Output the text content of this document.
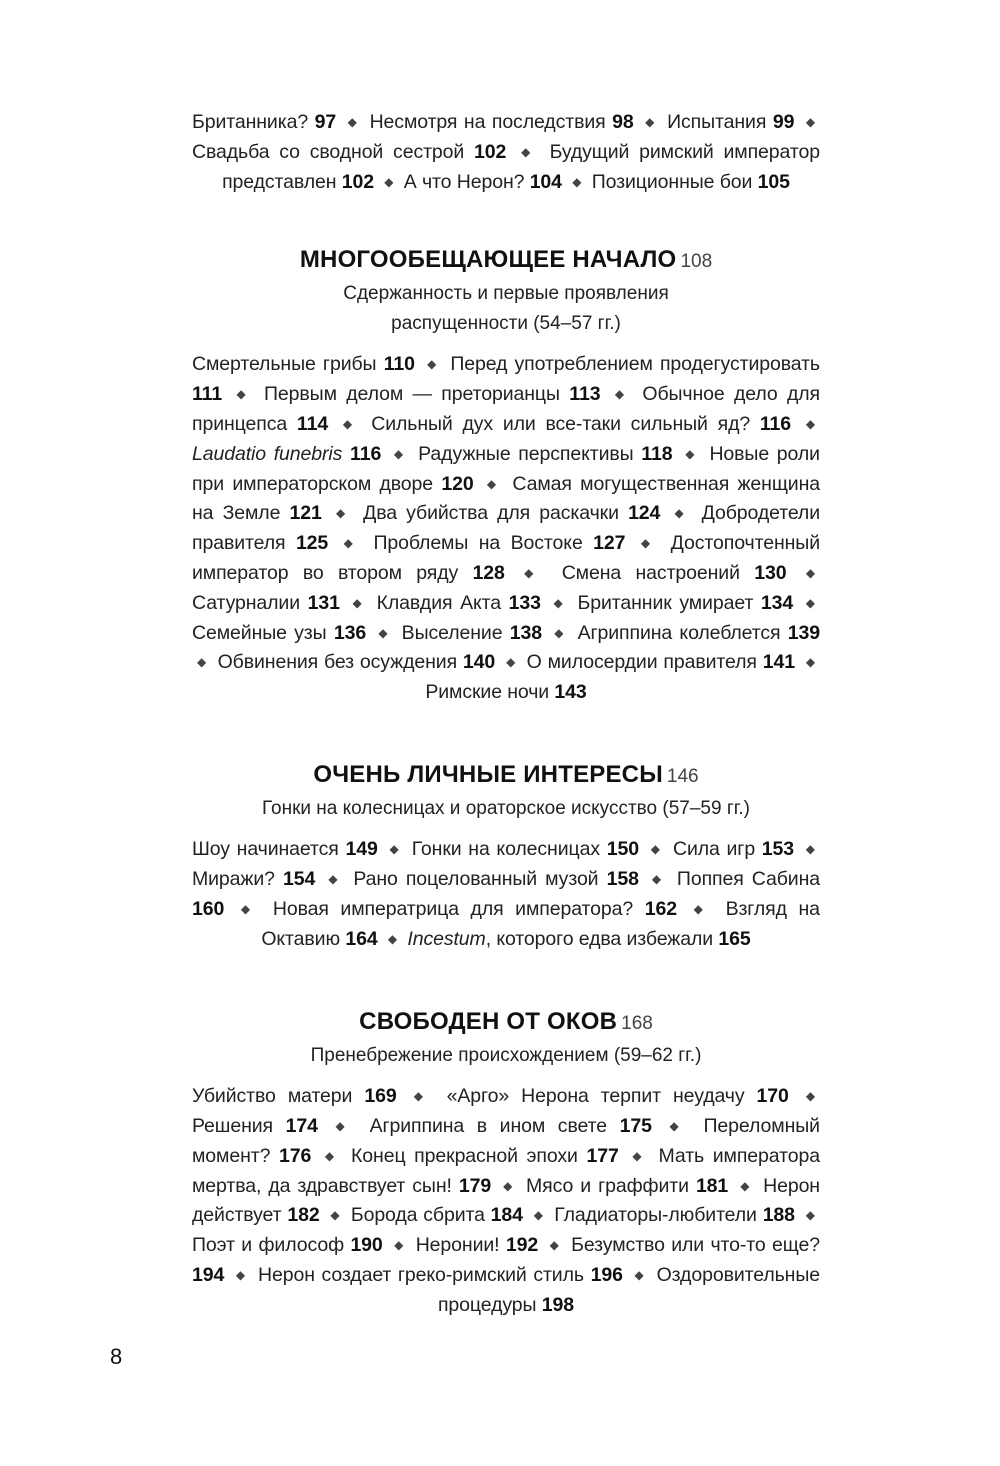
Британника? 97 ◆ Несмотря на последствия 98 ◆ Испытания 99 ◆ Свадьба со сводной сестрой 102 ◆ Будущий римский император представлен 102 ◆ А что Нерон? 104 ◆ Позиционные бои 105

МНОГООБЕЩАЮЩЕЕ НАЧАЛО 108
Сдержанность и первые проявления распущенности (54–57 гг.)

Смертельные грибы 110 ◆ Перед употреблением продегустировать 111 ◆ Первым делом — преторианцы 113 ◆ Обычное дело для принцепса 114 ◆ Сильный дух или все-таки сильный яд? 116 ◆ Laudatio funebris 116 ◆ Радужные перспективы 118 ◆ Новые роли при императорском дворе 120 ◆ Самая могущественная женщина на Земле 121 ◆ Два убийства для раскачки 124 ◆ Добродетели правителя 125 ◆ Проблемы на Востоке 127 ◆ Достопочтенный император во втором ряду 128 ◆ Смена настроений 130 ◆ Сатурналии 131 ◆ Клавдия Акта 133 ◆ Британник умирает 134 ◆ Семейные узы 136 ◆ Выселение 138 ◆ Агриппина колеблется 139 ◆ Обвинения без осуждения 140 ◆ О милосердии правителя 141 ◆ Римские ночи 143

ОЧЕНЬ ЛИЧНЫЕ ИНТЕРЕСЫ 146
Гонки на колесницах и ораторское искусство (57–59 гг.)

Шоу начинается 149 ◆ Гонки на колесницах 150 ◆ Сила игр 153 ◆ Миражи? 154 ◆ Рано поцелованный музой 158 ◆ Поппея Сабина 160 ◆ Новая императрица для императора? 162 ◆ Взгляд на Октавию 164 ◆ Incestum, которого едва избежали 165

СВОБОДЕН ОТ ОКОВ 168
Пренебрежение происхождением (59–62 гг.)

Убийство матери 169 ◆ «Арго» Нерона терпит неудачу 170 ◆ Решения 174 ◆ Агриппина в ином свете 175 ◆ Переломный момент? 176 ◆ Конец прекрасной эпохи 177 ◆ Мать императора мертва, да здравствует сын! 179 ◆ Мясо и граффити 181 ◆ Нерон действует 182 ◆ Борода сбрита 184 ◆ Гладиаторы-любители 188 ◆ Поэт и философ 190 ◆ Неронии! 192 ◆ Безумство или что-то еще? 194 ◆ Нерон создает греко-римский стиль 196 ◆ Оздоровительные процедуры 198

8
